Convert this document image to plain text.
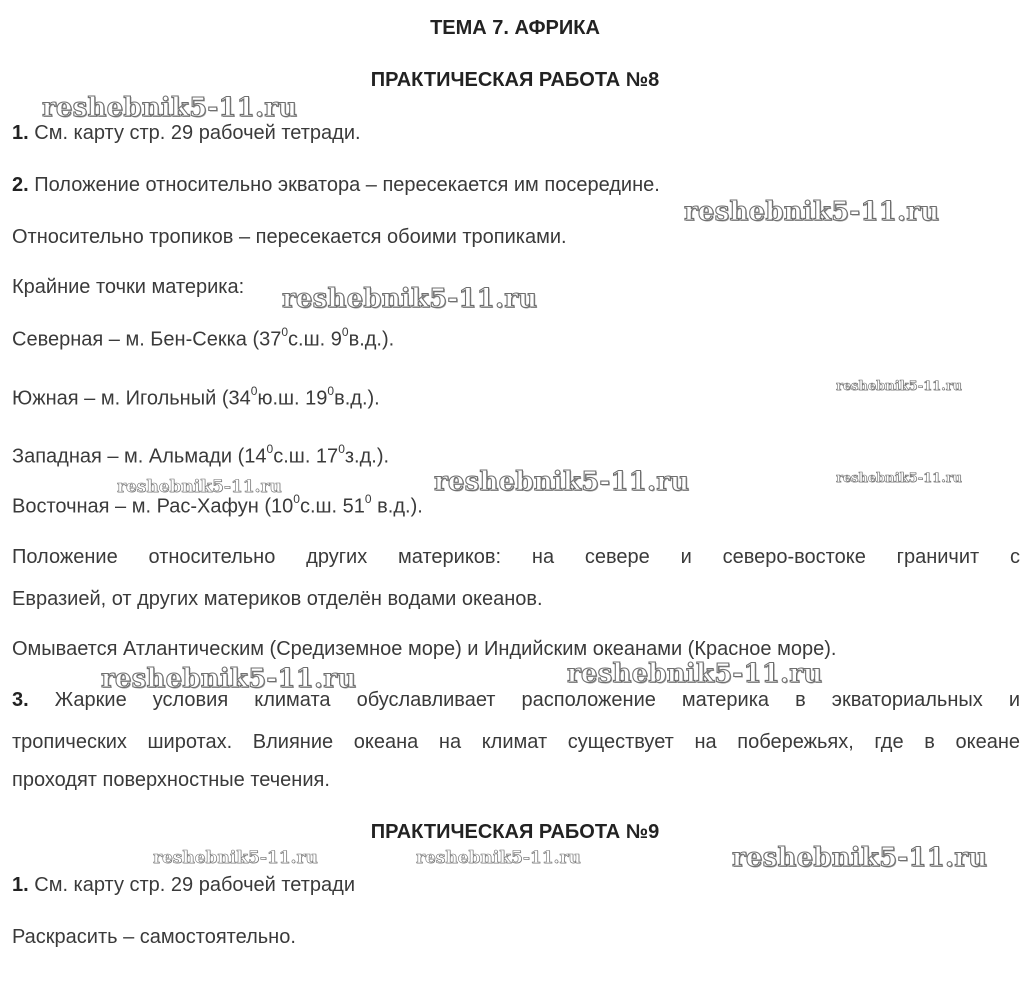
ТЕМА 7. АФРИКА
ПРАКТИЧЕСКАЯ РАБОТА №8
1. См. карту стр. 29 рабочей тетради.
2. Положение относительно экватора – пересекается им посередине.
Относительно тропиков – пересекается обоими тропиками.
Крайние точки материка:
Северная – м. Бен-Секка ($37^0с.ш$. $9^0в.д$.).
Южная – м. Игольный ($34^0ю.ш$. $19^0в.д$.).
Западная – м. Альмади ($14^0с.ш$. $17^0з.д$.).
Восточная – м. Рас-Хафун ($10^0с.ш$. $51^0$ в.д.).
Положение относительно других материков: на севере и северо-востоке граничит с
Евразией, от других материков отделён водами океанов.
Омывается Атлантическим (Средиземное море) и Индийским океанами (Красное море).
3. Жаркие условия климата обуславливает расположение материка в экваториальных и
тропических широтах. Влияние океана на климат существует на побережьях, где в океане
проходят поверхностные течения.
ПРАКТИЧЕСКАЯ РАБОТА №9
1. См. карту стр. 29 рабочей тетради
Раскрасить – самостоятельно.
reshebnik5-11.ru
reshebnik5-11.ru
reshebnik5-11.ru
reshebnik5-11.ru
reshebnik5-11.ru
reshebnik5-11.ru	reshebnik5-11.ru
reshebnik5-11.ru	reshebnik5-11.ru
reshebnik5-11.ru	reshebnik5-11.ru	reshebnik5-11.ru
